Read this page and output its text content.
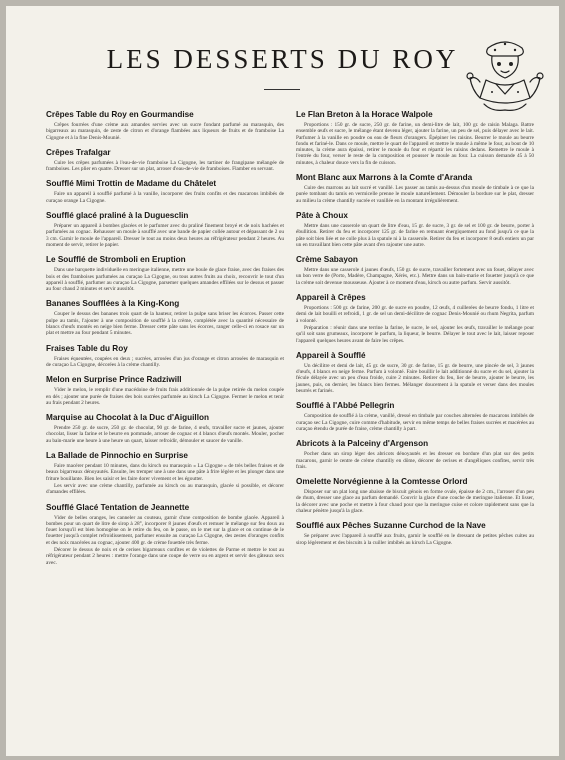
LES DESSERTS DU ROY
Crêpes Table du Roy en Gourmandise

Crêpes fourrées d'une crème aux amandes servies avec un sucre fondant parfumé au marasquin, des bigarreaux au marasquin, de zeste de citron et d'orange flambées aux liqueurs de fruits et de framboise La Cigogne et à la fine Denis-Mounié.

Crêpes Trafalgar

Cuire les crêpes parfumées à l'eau-de-vie framboise La Cigogne, les tartiner de frangipane mélangée de framboises. Les plier en quatre. Dresser sur un plat, arroser d'eau-de-vie de framboises. Flamber en servant.

Soufflé Mimi Trottin de Madame du Châtelet

Faire un appareil à soufflé parfumé à la vanille, incorporer des fruits confits et des macarons imbibés de curaçao orange La Cigogne.

Soufflé glacé praliné à la Duguesclin

Préparer un appareil à bombes glacées et le parfumer avec du praliné finement broyé et de noix hachées et parfumées au cognac. Rehausser un moule à soufflé avec une bande de papier collée autour et dépassant de 2 ou 3 cm. Garnir le moule de l'appareil. Dresser le tout au moins deux heures au réfrigérateur pendant 2 heures. Au moment de servir, retirer le papier.

Le Soufflé de Stromboli en Eruption

Dans une barquette individuelle en meringue italienne, mettre une boule de glace fraise, avec des fraises des bois et des framboises parfumées au curaçao La Cigogne, ou tous autres fruits au choix, recouvrir le tout d'un appareil à soufflé, parfumer au curaçao La Cigogne, parsemer quelques amandes effilées sur le dessus et passer au four chaud 2 minutes et servir aussitôt.

Bananes Soufflées à la King-Kong

Couper le dessus des bananes trois quart de la hauteur, retirer la pulpe sans briser les écorces. Passer cette pulpe au tamis, l'ajouter à une composition de soufflé à la crème, complétée avec la quantité nécessaire de blancs d'œufs montés en neige bien ferme. Dresser cette pâte sans les écorces, ranger celle-ci en rosace sur un plat et mettre au four pendant 5 minutes.

Fraises Table du Roy

Fraises équeutées, coupées en deux ; sucrées, arrosées d'un jus d'orange et citron arrosées de marasquin et de curaçao La Cigogne, décorées à la crème chantilly.

Melon en Surprise Prince Radziwill

Vider le melon, le remplir d'une macédoine de fruits frais additionnée de la pulpe retirée du melon coupée en dés ; ajouter une purée de fraises des bois sucrées parfumée au kirsch La Cigogne. Fermer le melon et tenir au frais pendant 2 heures.

Marquise au Chocolat à la Duc d'Aiguillon

Prendre 250 gr. de sucre, 250 gr. de chocolat, 90 gr. de farine, 4 œufs, travailler sucre et jaunes, ajouter chocolat, lisser la farine et le beurre en pommade, arroser de cognac et 4 blancs d'œufs montés. Mouler, pocher au bain-marie une heure à une heure un quart, laisser refroidir, démouler et saucer de vanille.

La Ballade de Pinnochio en Surprise

Faire macérer pendant 10 minutes, dans du kirsch ou marasquin « La Cigogne » de très belles fraises et de beaux bigarreaux dénoyautés. Ensuite, les tremper une à une dans une pâte à frire légère et les plonger dans une friture bouillante. Bien les saisir et les faire dorer vivement et les égoutter.

Les servir avec une crème chantilly, parfumée au kirsch ou au marasquin, glacée si possible, et décorer d'amandes effilées.

Soufflé Glacé Tentation de Jeannette

Vider de belles oranges, les canneler au couteau, garnir d'une composition de bombe glacée. Appareil à bombes pour un quart de litre de sirop à 28°, incorporer 8 jaunes d'œufs et remuer le mélange sur feu doux au fouet lorsqu'il est bien homogène on le retire du feu, on le passe, on le met sur la glace et on continue de le fouetter jusqu'à complet refroidissement, parfumer ensuite au curaçao La Cigogne, des zestes d'oranges confits et des noix macérées au cognac, ajouter 400 gr. de crème fouettée très ferme.

Décorer le dessus de noix et de cerises bigarreaux confites et de violettes de Parme et mettre le tout au réfrigérateur pendant 2 heures : mettre l'orange dans une coupe de verre ou en argent et servir des gâteaux secs avec.

Le Flan Breton à la Horace Walpole

Proportions : 150 gr. de sucre, 250 gr. de farine, un demi-litre de lait, 100 gr. de raisin Malaga. Battre ensemble œufs et sucre, le mélange étant devenu léger, ajouter la farine, un peu de sel, puis délayer avec le lait. Parfumer à la vanille en poudre ou eau de fleurs d'orangers. Épépiner les raisins. Beurrer le moule au beurre fondu et fariné-le. Dans ce moule, mettre le quart de l'appareil et mettre le moule à même le four, au bout de 10 minutes, la crème aura épaissi, retirer le moule du four et répartir les raisins dedans. Remettre le moule à l'entrée du four, verser le reste de la composition et pousser le moule au four. La cuisson demande 45 à 50 minutes, à chaleur douce vers la fin de cuisson.

Mont Blanc aux Marrons à la Comte d'Aranda

Cuire des marrons au lait sucré et vanillé. Les passer au tamis au-dessus d'un moule de timbale à ce que la purée tombant du tamis en vermicelle prenne le moule naturellement. Démouler la bordure sur le plat, dresser au milieu la crème chantilly sucrée et vanillée en la montant irrégulièrement.

Pâte à Choux

Mettre dans une casserole un quart de litre d'eau, 15 gr. de sucre, 3 gr. de sel et 100 gr. de beurre, porter à ébullition. Retirer du feu et incorporer 125 gr. de farine en remuant énergiquement au fond jusqu'à ce que la pâte soit bien liée et ne colle plus à la spatule ni à la casserole. Retirer du feu et incorporer 8 œufs entiers un par un en travaillant bien cette pâte avant d'en rajouter une autre.

Crème Sabayon

Mettre dans une casserole 4 jaunes d'œufs, 150 gr. de sucre, travailler fortement avec un fouet, délayer avec un bon verre de (Porto, Madère, Champagne, Xérès, etc.). Mettre dans un bain-marie et fouetter jusqu'à ce que la crème soit devenue mousseuse. Ajouter à ce moment d'eau, kirsch ou autre parfum. Servir aussitôt.

Appareil à Crêpes

Proportions : 500 gr. de farine, 200 gr. de sucre en poudre, 12 œufs, 4 cuillerées de beurre fondu, 1 litre et demi de lait bouilli et refroidi, 1 gr. de sel un demi-décilitre de cognac Denis-Mounié ou rhum Negrita, parfum à volonté.

Préparation : réunir dans une terrine la farine, le sucre, le sel, ajouter les œufs, travailler le mélange pour qu'il soit sans grumeaux, incorporer le parfum, la liqueur, le beurre. Délayer le tout avec le lait, laisser reposer l'appareil quelques heures avant de faire les crêpes.

Appareil à Soufflé

Un décilitre et demi de lait, 45 gr. de sucre, 30 gr. de farine, 15 gr. de beurre, une pincée de sel, 3 jaunes d'œufs, 4 blancs en neige ferme. Parfum à volonté. Faire bouillir le lait additionné du sucre et du sel, ajouter la fécule délayée avec un peu d'eau froide, cuire 2 minutes. Retirer du feu, lier de beurre, ajouter le beurre, les jaunes, puis, on dernier, les blancs bien fermes. Mélanger doucement à la spatule et verser dans des moules beurrés et farinés.

Soufflé à l'Abbé Pellegrin

Composition de soufflé à la crème, vanillé, dressé en timbale par couches alternées de macarons imbibés de curaçao sec La Cigogne, cuire comme d'habitude, servir en même temps de belles fraises sucrées et macérées au curaçao étendu de purée de fraise, crème chantilly à part.

Abricots à la Palceiny d'Argenson

Pocher dans un sirop léger des abricots dénoyautés et les dresser en bordure d'un plat sur des petits macarons, garnir le centre de crème chantilly en dôme, décorer de cerises et d'angéliques confites, servir très frais.

Omelette Norvégienne à la Comtesse Orlord

Disposer sur un plat long une abaisse de biscuit génois en forme ovale, épaisse de 2 cm., l'arroser d'un peu de rhum, dresser une glace au parfum demandé. Couvrir la glace d'une couche de meringue italienne. Et lisser, la décorer avec une poche et mettre à four chaud pour que la meringue cuise et colore rapidement sans que la chaleur pénètre jusqu'à la glace.

Soufflé aux Pêches Suzanne Curchod de la Nave

Se préparer avec l'appareil à soufflé aux fruits, garnir le soufflé en le dressant de petites pêches cuites au sirop légèrement et des biscuits à la cuiller imbibés au kirsch La Cigogne.
